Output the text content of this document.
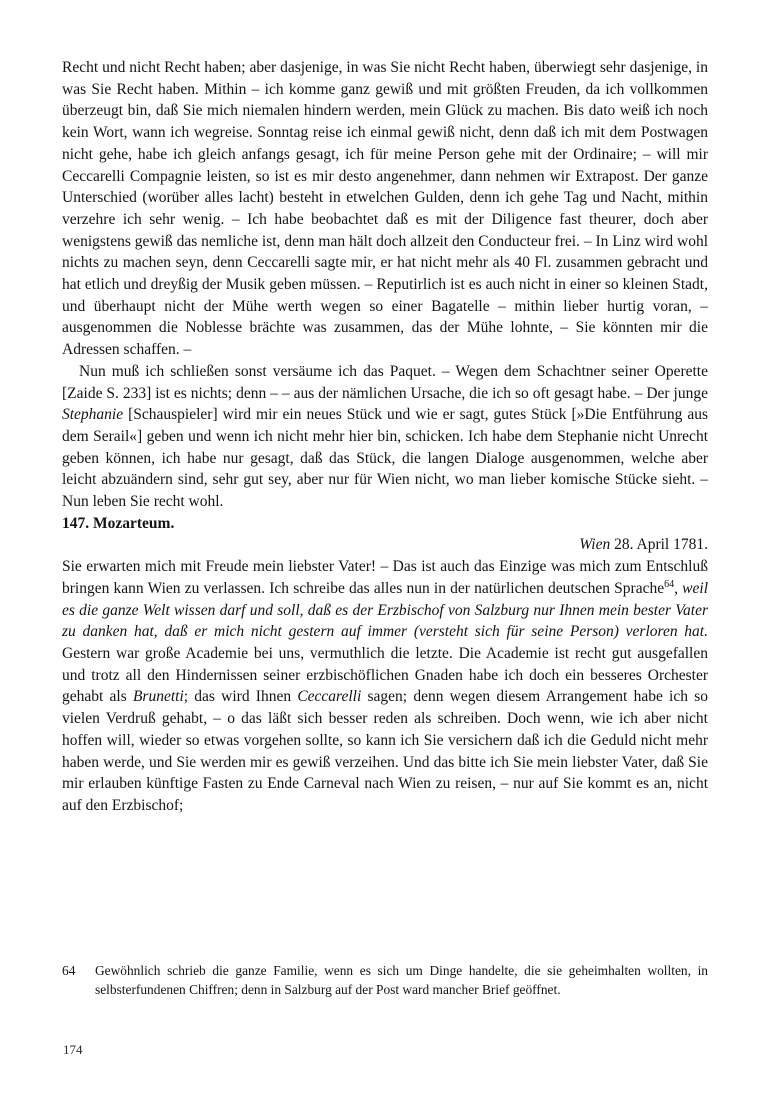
Recht und nicht Recht haben; aber dasjenige, in was Sie nicht Recht haben, überwiegt sehr dasjenige, in was Sie Recht haben. Mithin – ich komme ganz gewiß und mit größten Freuden, da ich vollkommen überzeugt bin, daß Sie mich niemalen hindern werden, mein Glück zu machen. Bis dato weiß ich noch kein Wort, wann ich wegreise. Sonntag reise ich einmal gewiß nicht, denn daß ich mit dem Postwagen nicht gehe, habe ich gleich anfangs gesagt, ich für meine Person gehe mit der Ordinaire; – will mir Ceccarelli Compagnie leisten, so ist es mir desto angenehmer, dann nehmen wir Extrapost. Der ganze Unterschied (worüber alles lacht) besteht in etwelchen Gulden, denn ich gehe Tag und Nacht, mithin verzehre ich sehr wenig. – Ich habe beobachtet daß es mit der Diligence fast theurer, doch aber wenigstens gewiß das nemliche ist, denn man hält doch allzeit den Conducteur frei. – In Linz wird wohl nichts zu machen seyn, denn Ceccarelli sagte mir, er hat nicht mehr als 40 Fl. zusammen gebracht und hat etlich und dreyßig der Musik geben müssen. – Reputirlich ist es auch nicht in einer so kleinen Stadt, und überhaupt nicht der Mühe werth wegen so einer Bagatelle – mithin lieber hurtig voran, – ausgenommen die Noblesse brächte was zusammen, das der Mühe lohnte, – Sie könnten mir die Adressen schaffen. –

Nun muß ich schließen sonst versäume ich das Paquet. – Wegen dem Schachtner seiner Operette [Zaide S. 233] ist es nichts; denn – – aus der nämlichen Ursache, die ich so oft gesagt habe. – Der junge Stephanie [Schauspieler] wird mir ein neues Stück und wie er sagt, gutes Stück [»Die Entführung aus dem Serail«] geben und wenn ich nicht mehr hier bin, schicken. Ich habe dem Stephanie nicht Unrecht geben können, ich habe nur gesagt, daß das Stück, die langen Dialoge ausgenommen, welche aber leicht abzuändern sind, sehr gut sey, aber nur für Wien nicht, wo man lieber komische Stücke sieht. – Nun leben Sie recht wohl.

147. Mozarteum.

Wien 28. April 1781.

Sie erwarten mich mit Freude mein liebster Vater! – Das ist auch das Einzige was mich zum Entschluß bringen kann Wien zu verlassen. Ich schreibe das alles nun in der natürlichen deutschen Sprache$^{64}$, weil es die ganze Welt wissen darf und soll, daß es der Erzbischof von Salzburg nur Ihnen mein bester Vater zu danken hat, daß er mich nicht gestern auf immer (versteht sich für seine Person) verloren hat. Gestern war große Academie bei uns, vermuthlich die letzte. Die Academie ist recht gut ausgefallen und trotz all den Hindernissen seiner erzbischöflichen Gnaden habe ich doch ein besseres Orchester gehabt als Brunetti; das wird Ihnen Ceccarelli sagen; denn wegen diesem Arrangement habe ich so vielen Verdruß gehabt, – o das läßt sich besser reden als schreiben. Doch wenn, wie ich aber nicht hoffen will, wieder so etwas vorgehen sollte, so kann ich Sie versichern daß ich die Geduld nicht mehr haben werde, und Sie werden mir es gewiß verzeihen. Und das bitte ich Sie mein liebster Vater, daß Sie mir erlauben künftige Fasten zu Ende Carneval nach Wien zu reisen, – nur auf Sie kommt es an, nicht auf den Erzbischof;

64	Gewöhnlich schrieb die ganze Familie, wenn es sich um Dinge handelte, die sie geheimhalten wollten, in selbsterfundenen Chiffren; denn in Salzburg auf der Post ward mancher Brief geöffnet.
174
